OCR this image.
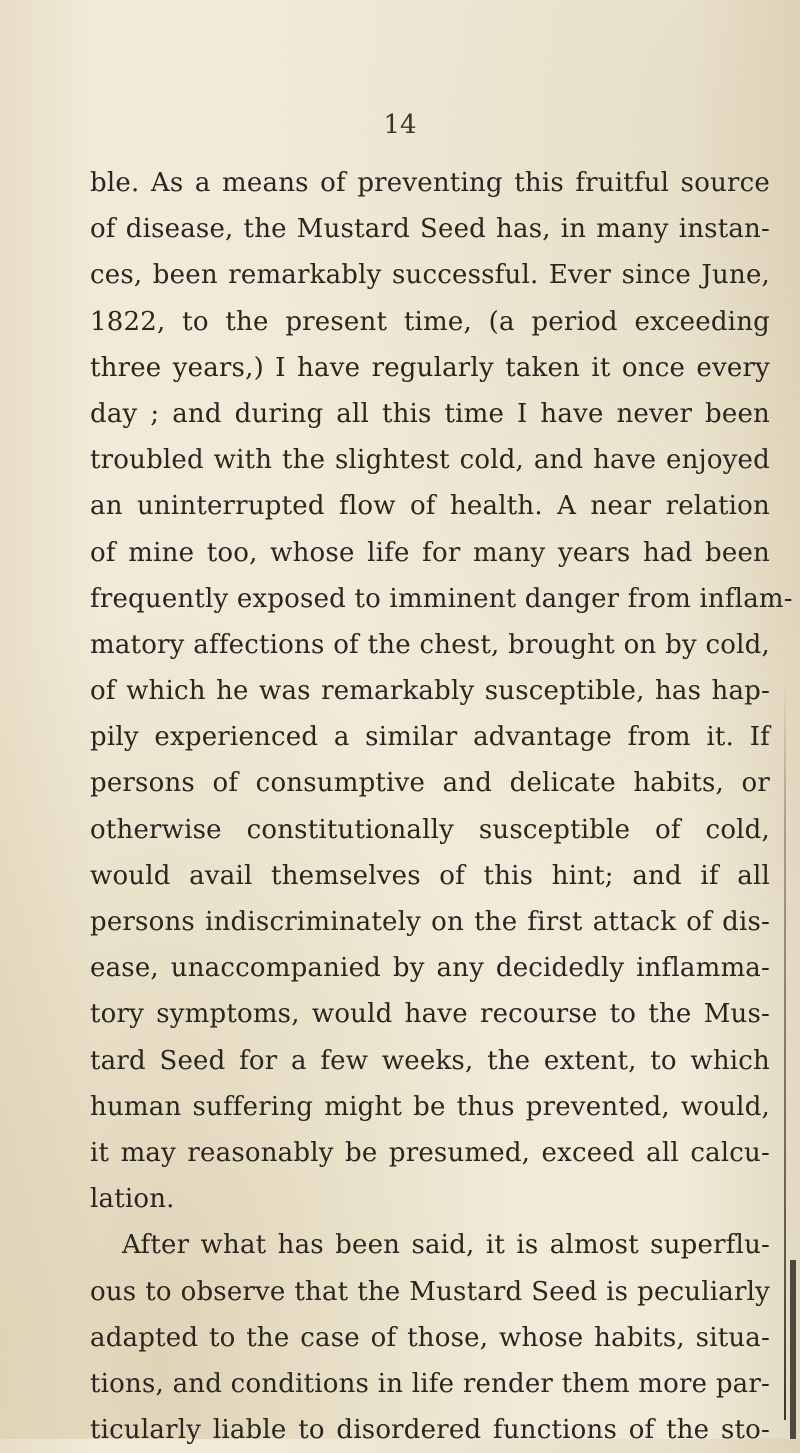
14
ble. As a means of preventing this fruitful source
of disease, the Mustard Seed has, in many instan-
ces, been remarkably successful. Ever since June,
1822, to the present time, (a period exceeding
three years,) I have regularly taken it once every
day ; and during all this time I have never been
troubled with the slightest cold, and have enjoyed
an uninterrupted flow of health. A near relation
of mine too, whose life for many years had been
frequently exposed to imminent danger from inflam-
matory affections of the chest, brought on by cold,
of which he was remarkably susceptible, has hap-
pily experienced a similar advantage from it. If
persons of consumptive and delicate habits, or
otherwise constitutionally susceptible of cold,
would avail themselves of this hint; and if all
persons indiscriminately on the first attack of dis-
ease, unaccompanied by any decidedly inflamma-
tory symptoms, would have recourse to the Mus-
tard Seed for a few weeks, the extent, to which
human suffering might be thus prevented, would,
it may reasonably be presumed, exceed all calcu-
lation.
After what has been said, it is almost superflu-
ous to observe that the Mustard Seed is peculiarly
adapted to the case of those, whose habits, situa-
tions, and conditions in life render them more par-
ticularly liable to disordered functions of the sto-
